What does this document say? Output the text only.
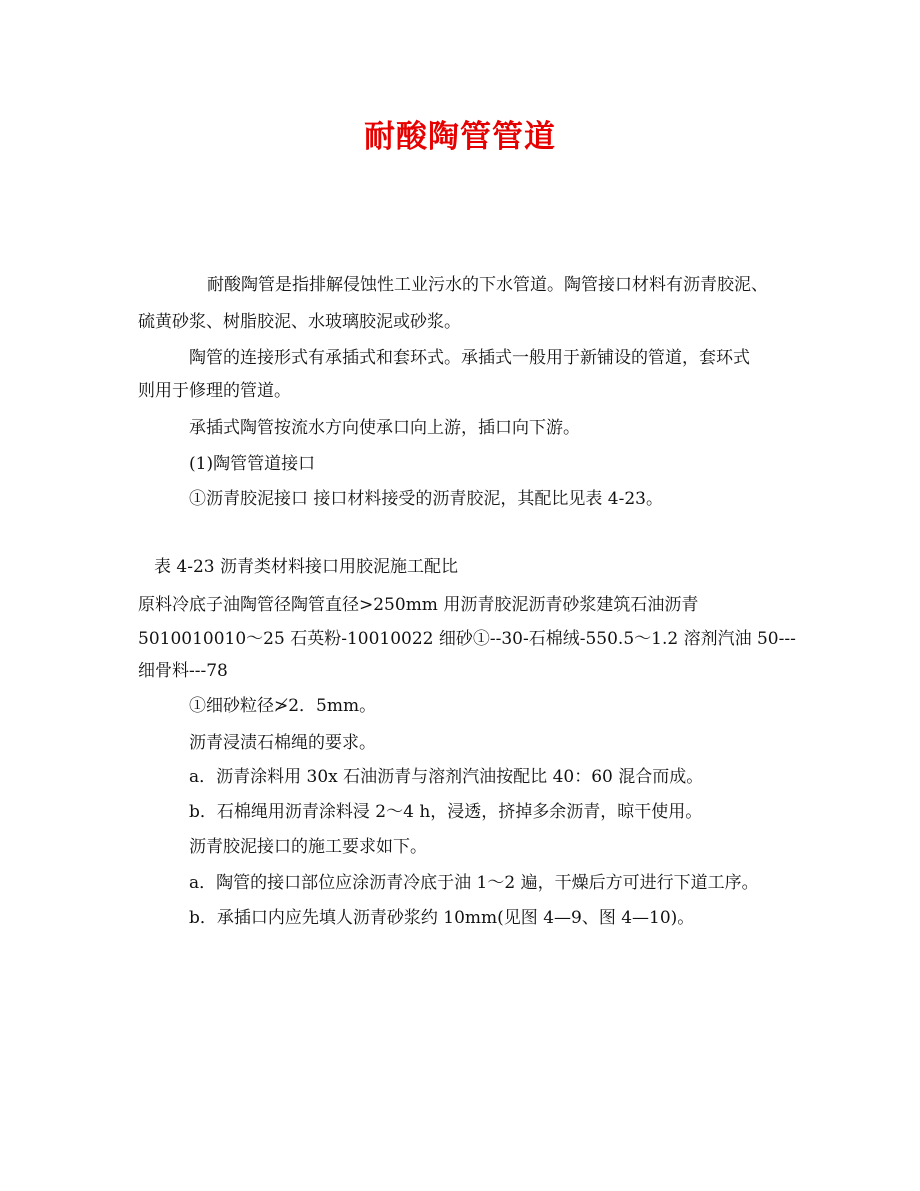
耐酸陶管管道
耐酸陶管是指排解侵蚀性工业污水的下水管道。陶管接口材料有沥青胶泥、
硫黄砂浆、树脂胶泥、水玻璃胶泥或砂浆。
陶管的连接形式有承插式和套环式。承插式一般用于新铺设的管道，套环式
则用于修理的管道。
承插式陶管按流水方向使承口向上游，插口向下游。
(1)陶管管道接口
①沥青胶泥接口 接口材料接受的沥青胶泥，其配比见表 4-23。
表 4-23 沥青类材料接口用胶泥施工配比
原料冷底子油陶管径陶管直径>250mm 用沥青胶泥沥青砂浆建筑石油沥青
5010010010～25 石英粉-10010022 细砂①--30-石棉绒-550.5～1.2 溶剂汽油 50---
细骨料---78
①细砂粒径≯2．5mm。
沥青浸渍石棉绳的要求。
a．沥青涂料用 30x 石油沥青与溶剂汽油按配比 40：60 混合而成。
b．石棉绳用沥青涂料浸 2～4 h，浸透，挤掉多余沥青，晾干使用。
沥青胶泥接口的施工要求如下。
a．陶管的接口部位应涂沥青冷底于油 1～2 遍，干燥后方可进行下道工序。
b．承插口内应先填人沥青砂浆约 10mm(见图 4—9、图 4—10)。
